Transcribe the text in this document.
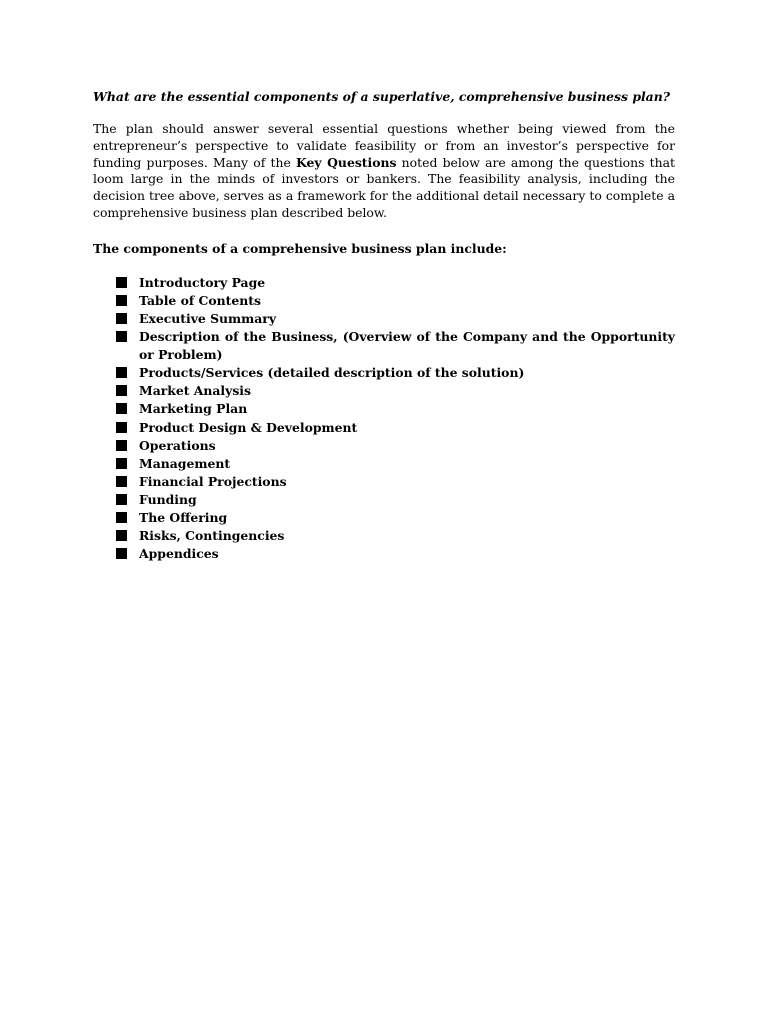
What are the essential components of a superlative, comprehensive business plan?

The plan should answer several essential questions whether being viewed from the entrepreneur’s perspective to validate feasibility or from an investor’s perspective for funding purposes. Many of the Key Questions noted below are among the questions that loom large in the minds of investors or bankers. The feasibility analysis, including the decision tree above, serves as a framework for the additional detail necessary to complete a comprehensive business plan described below.

The components of a comprehensive business plan include:

Introductory Page
Table of Contents
Executive Summary
Description of the Business, (Overview of the Company and the Opportunity or Problem)
Products/Services (detailed description of the solution)
Market Analysis
Marketing Plan
Product Design & Development
Operations
Management
Financial Projections
Funding
The Offering
Risks, Contingencies
Appendices
